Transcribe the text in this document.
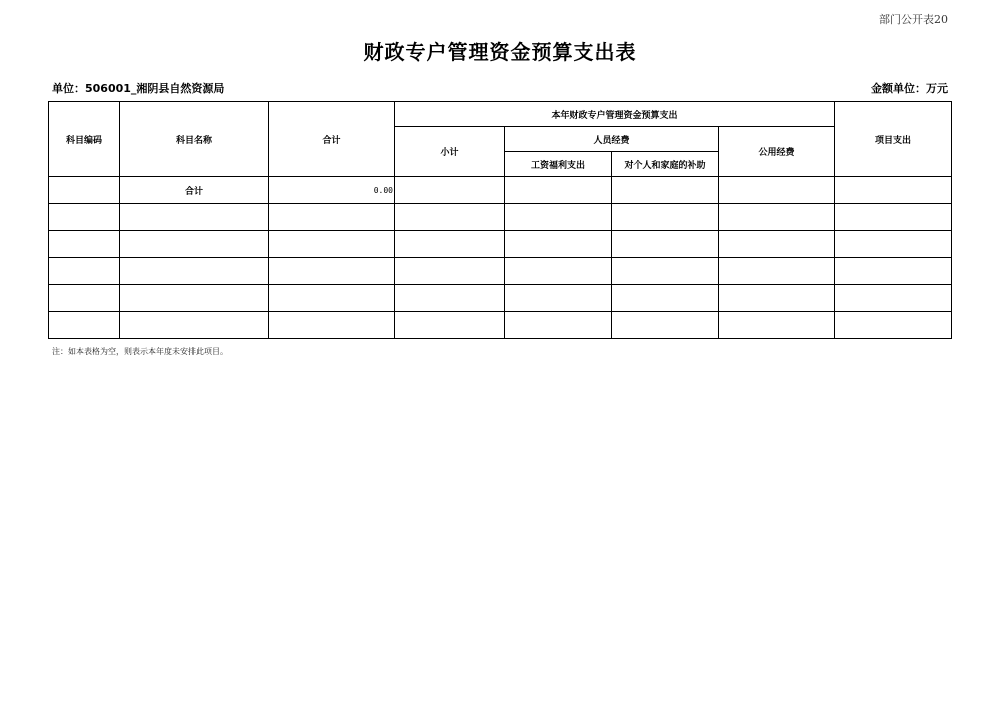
部门公开表20
财政专户管理资金预算支出表
单位：506001_湘阴县自然资源局	金额单位：万元
科目编码	科目名称	合计	本年财政专户管理资金预算支出				项目支出
			小计	人员经费		公用经费	
				工资福利支出	对个人和家庭的补助		
	合计	0.00					

注：如本表格为空，则表示本年度未安排此项目。
